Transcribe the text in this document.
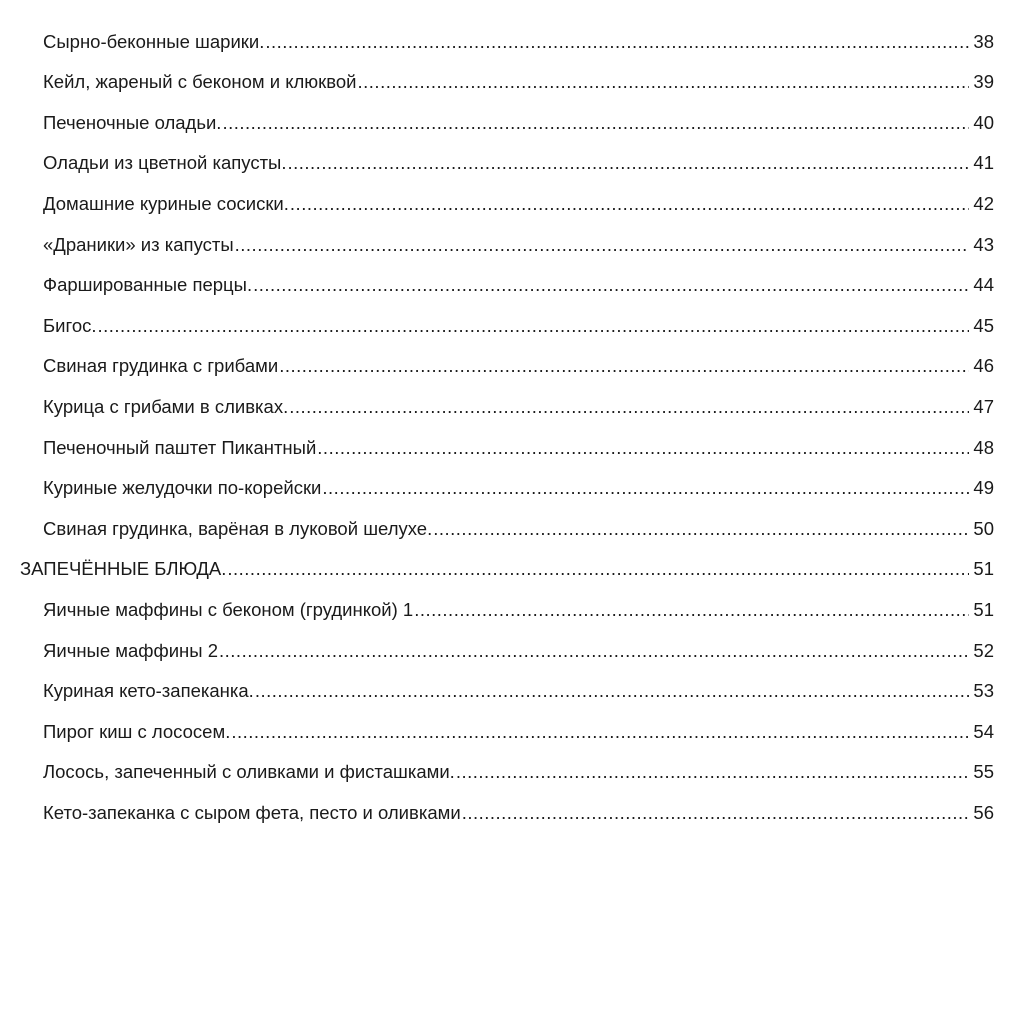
Сырно-беконные шарики. .....	38
Кейл, жареный с беконом и клюквой .....	39
Печеночные оладьи. .....	40
Оладьи из цветной капусты. .....	41
Домашние куриные сосиски. .....	42
«Драники» из капусты .....	43
Фаршированные перцы. .....	44
Бигос. .....	45
Свиная грудинка с грибами .....	46
Курица с грибами в сливках. .....	47
Печеночный паштет Пикантный .....	48
Куриные желудочки по-корейски .....	49
Свиная грудинка, варёная в луковой шелухе. .....	50
ЗАПЕЧЁННЫЕ БЛЮДА. .....	51
Яичные маффины с беконом (грудинкой) 1 .....	51
Яичные маффины 2 .....	52
Куриная кето-запеканка. .....	53
Пирог киш с лососем. .....	54
Лосось, запеченный с оливками и фисташками. .....	55
Кето-запеканка с сыром фета, песто и оливками .....	56
